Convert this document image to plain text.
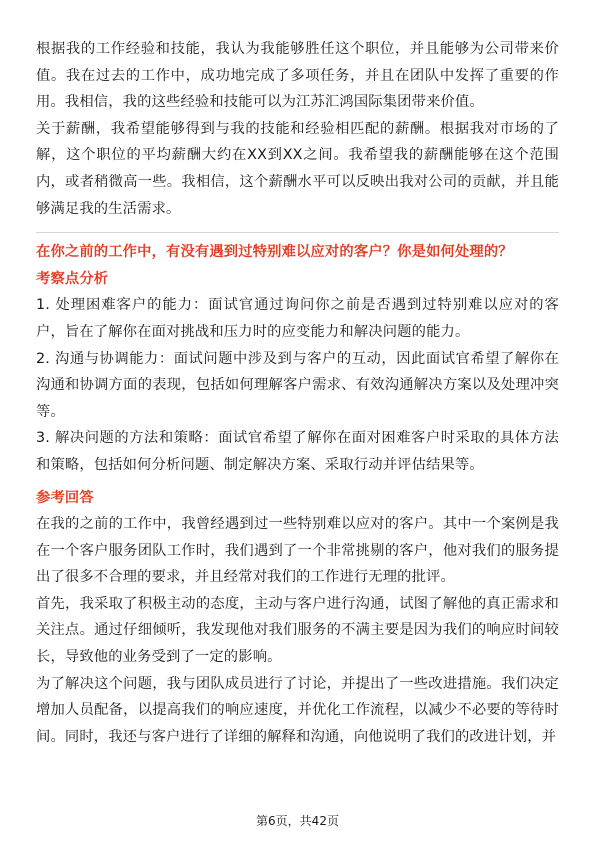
根据我的工作经验和技能，我认为我能够胜任这个职位，并且能够为公司带来价值。我在过去的工作中，成功地完成了多项任务，并且在团队中发挥了重要的作用。我相信，我的这些经验和技能可以为江苏汇鸿国际集团带来价值。

关于薪酬，我希望能够得到与我的技能和经验相匹配的薪酬。根据我对市场的了解，这个职位的平均薪酬大约在XX到XX之间。我希望我的薪酬能够在这个范围内，或者稍微高一些。我相信，这个薪酬水平可以反映出我对公司的贡献，并且能够满足我的生活需求。

在你之前的工作中，有没有遇到过特别难以应对的客户？你是如何处理的？

考察点分析

1. 处理困难客户的能力：面试官通过询问你之前是否遇到过特别难以应对的客户，旨在了解你在面对挑战和压力时的应变能力和解决问题的能力。

2. 沟通与协调能力：面试问题中涉及到与客户的互动，因此面试官希望了解你在沟通和协调方面的表现，包括如何理解客户需求、有效沟通解决方案以及处理冲突等。

3. 解决问题的方法和策略：面试官希望了解你在面对困难客户时采取的具体方法和策略，包括如何分析问题、制定解决方案、采取行动并评估结果等。

参考回答

在我的之前的工作中，我曾经遇到过一些特别难以应对的客户。其中一个案例是我在一个客户服务团队工作时，我们遇到了一个非常挑剔的客户，他对我们的服务提出了很多不合理的要求，并且经常对我们的工作进行无理的批评。

首先，我采取了积极主动的态度，主动与客户进行沟通，试图了解他的真正需求和关注点。通过仔细倾听，我发现他对我们服务的不满主要是因为我们的响应时间较长，导致他的业务受到了一定的影响。

为了解决这个问题，我与团队成员进行了讨论，并提出了一些改进措施。我们决定增加人员配备，以提高我们的响应速度，并优化工作流程，以减少不必要的等待时间。同时，我还与客户进行了详细的解释和沟通，向他说明了我们的改进计划，并

第6页，共42页
